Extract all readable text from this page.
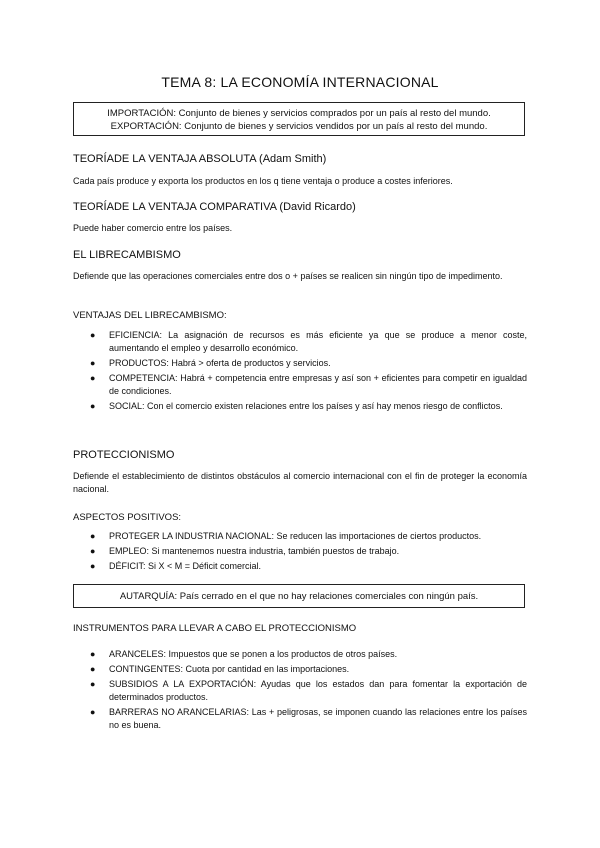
TEMA 8: LA ECONOMÍA INTERNACIONAL
IMPORTACIÓN: Conjunto de bienes y servicios comprados por un país al resto del mundo.
EXPORTACIÓN: Conjunto de bienes y servicios vendidos por un país al resto del mundo.
TEORÍADE LA VENTAJA ABSOLUTA (Adam Smith)
Cada país produce y exporta los productos en los q tiene ventaja o produce a costes inferiores.
TEORÍADE LA VENTAJA COMPARATIVA (David Ricardo)
Puede haber comercio entre los países.
EL LIBRECAMBISMO
Defiende que las operaciones comerciales entre dos o + países se realicen sin ningún tipo de impedimento.
VENTAJAS DEL LIBRECAMBISMO:
● EFICIENCIA: La asignación de recursos es más eficiente ya que se produce a menor coste, aumentando el empleo y desarrollo económico.
● PRODUCTOS: Habrá > oferta de productos y servicios.
● COMPETENCIA: Habrá + competencia entre empresas y así son + eficientes para competir en igualdad de condiciones.
● SOCIAL: Con el comercio existen relaciones entre los países y así hay menos riesgo de conflictos.
PROTECCIONISMO
Defiende el establecimiento de distintos obstáculos al comercio internacional con el fin de proteger la economía nacional.
ASPECTOS POSITIVOS:
● PROTEGER LA INDUSTRIA NACIONAL: Se reducen las importaciones de ciertos productos.
● EMPLEO: Si mantenemos nuestra industria, también puestos de trabajo.
● DÉFICIT: Si X < M = Déficit comercial.
AUTARQUÍA: País cerrado en el que no hay relaciones comerciales con ningún país.
INSTRUMENTOS PARA LLEVAR A CABO EL PROTECCIONISMO
● ARANCELES: Impuestos que se ponen a los productos de otros países.
● CONTINGENTES: Cuota por cantidad en las importaciones.
● SUBSIDIOS A LA EXPORTACIÓN: Ayudas que los estados dan para fomentar la exportación de determinados productos.
● BARRERAS NO ARANCELARIAS: Las + peligrosas, se imponen cuando las relaciones entre los países no es buena.
